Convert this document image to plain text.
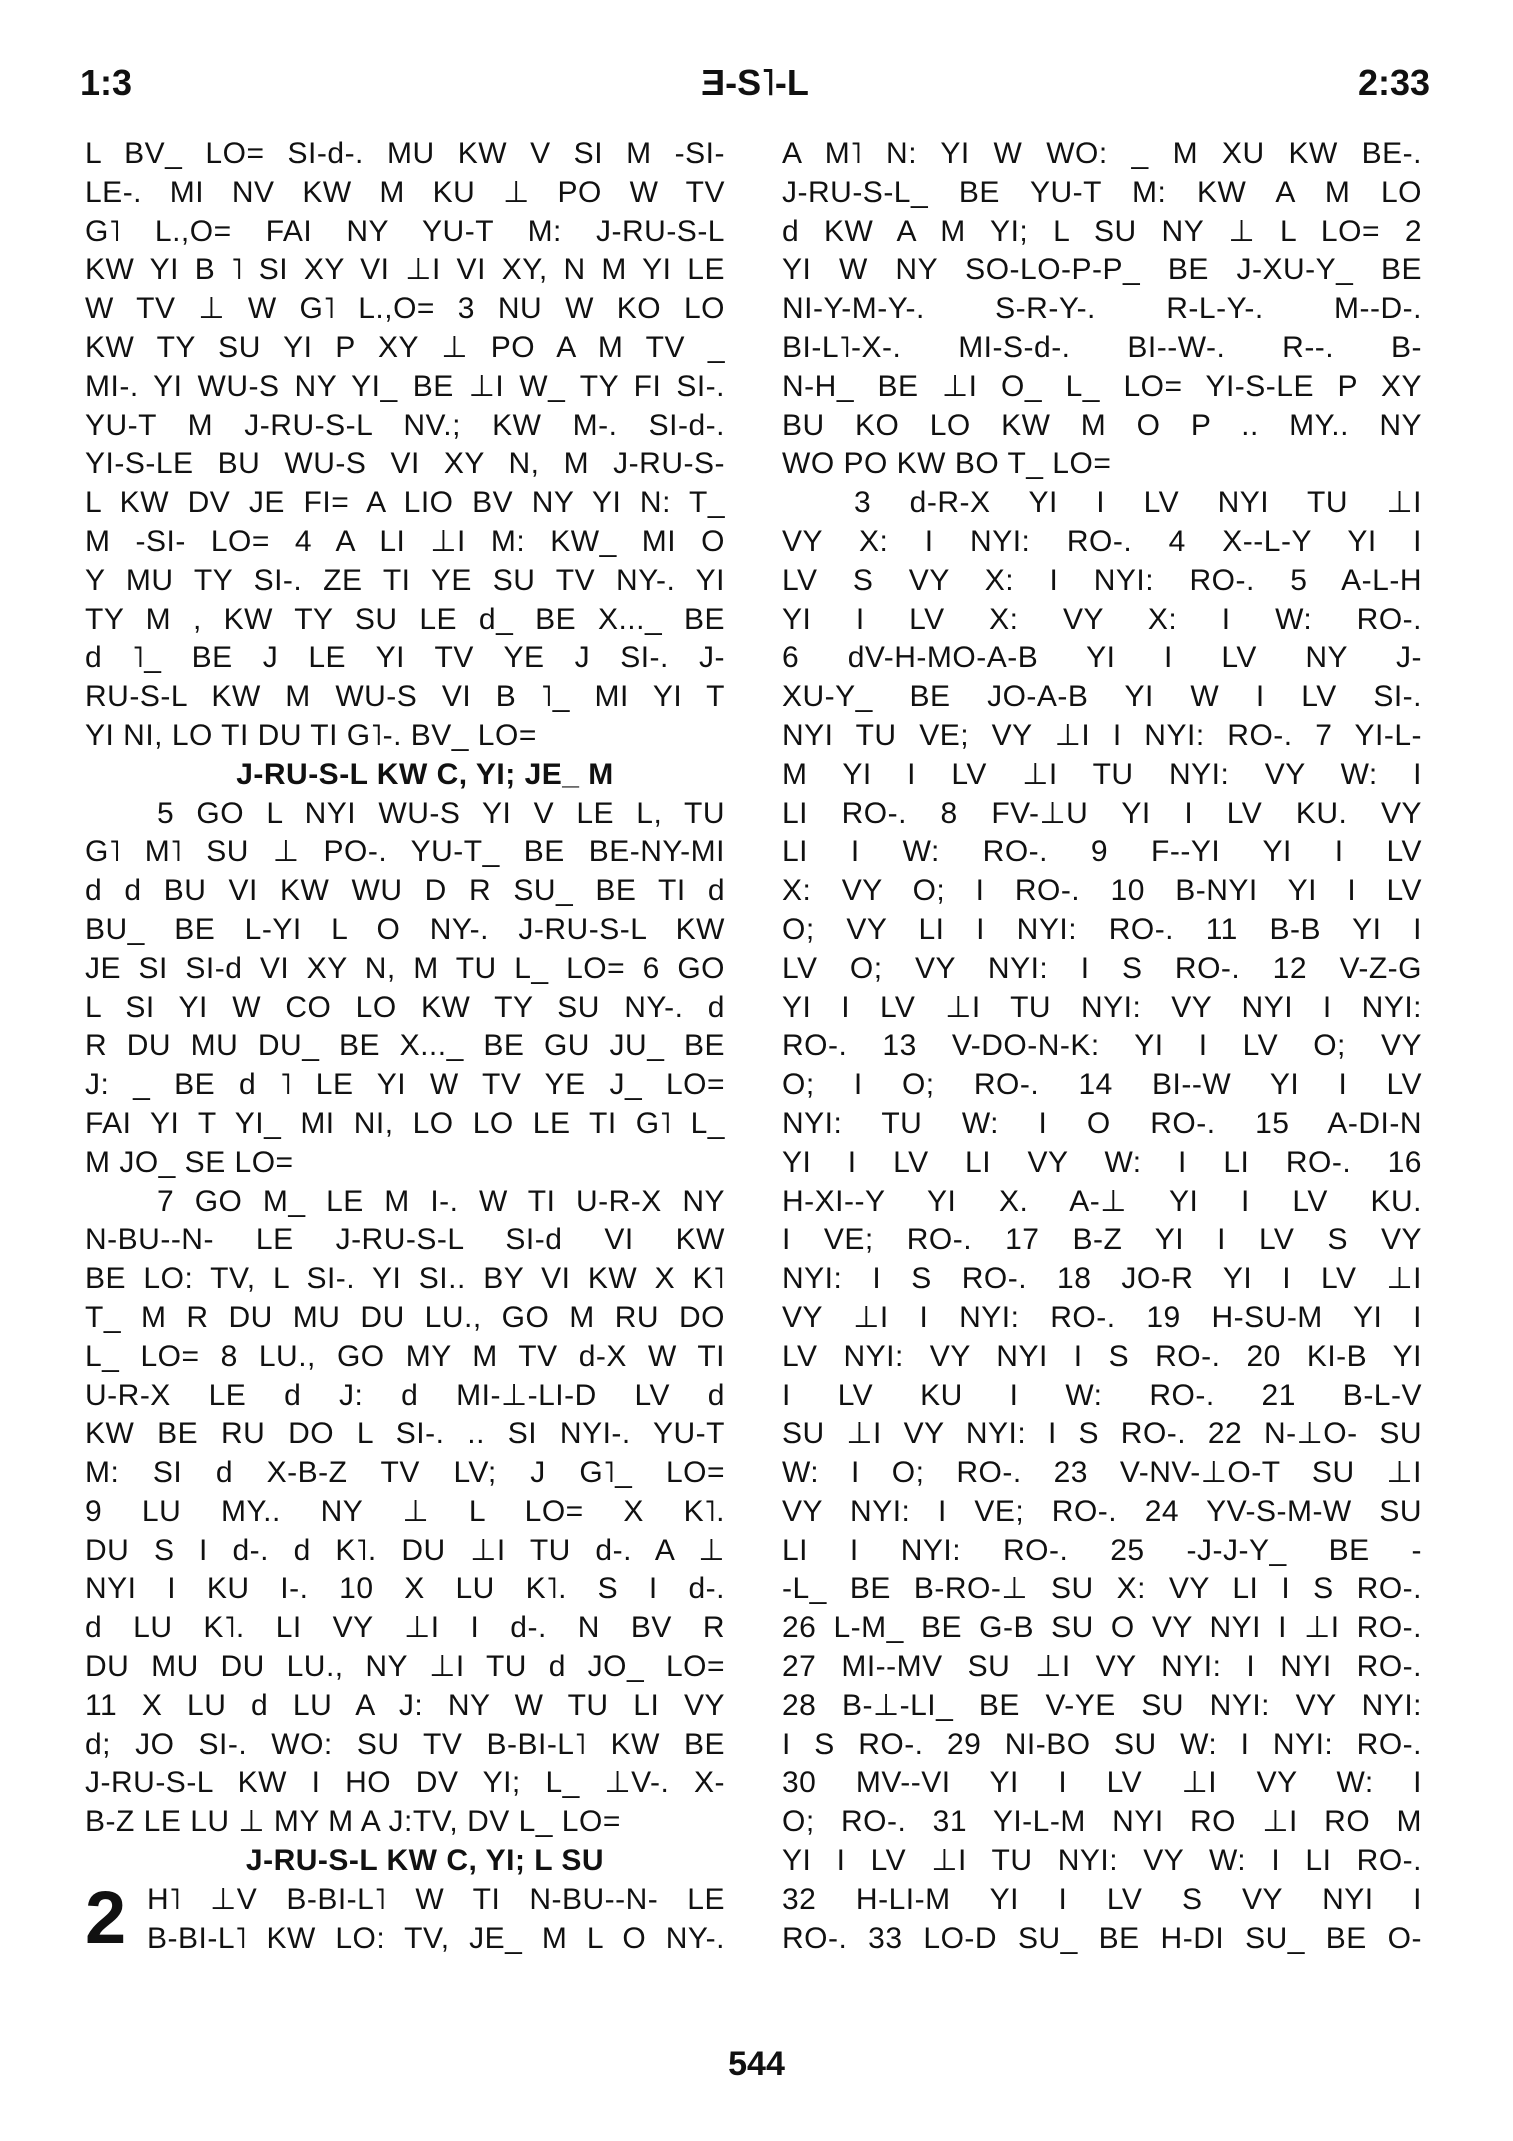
1:3	Ǝ-S˥-L	2:33
L BV_ LO= SI-d-. MU KW V SI M -SI-
LE-. MI NV KW M KU ⊥ PO W TV
G˥ L.,O= FAI NY YU-T M: J-RU-S-L
KW YI B ˥ SI XY VI ⊥I VI XY, N M YI LE
W TV ⊥ W G˥ L.,O= 3 NU W KO LO
KW TY SU YI P XY ⊥ PO A M TV _
MI-. YI WU-S NY YI_ BE ⊥I W_ TY FI SI-.
YU-T M J-RU-S-L NV.; KW M-. SI-d-.
YI-S-LE BU WU-S VI XY N, M J-RU-S-
L KW DV JE FI= A LIO BV NY YI N: T_
M -SI- LO= 4 A LI ⊥I M: KW_ MI O
Y MU TY SI-. ZE TI YE SU TV NY-. YI
TY M , KW TY SU LE d_ BE X..._ BE
d ˥_ BE J LE YI TV YE J SI-. J-
RU-S-L KW M WU-S VI B ˥_ MI YI T
YI NI, LO TI DU TI G˥-. BV_ LO=
J-RU-S-L KW C, YI; JE_ M
5 GO L NYI WU-S YI V LE L, TU
G˥ M˥ SU ⊥ PO-. YU-T_ BE BE-NY-MI
d d BU VI KW WU D R SU_ BE TI d
BU_ BE L-YI L O NY-. J-RU-S-L KW
JE SI SI-d VI XY N, M TU L_ LO= 6 GO
L SI YI W CO LO KW TY SU NY-. d
R DU MU DU_ BE X..._ BE GU JU_ BE
J: _ BE d ˥ LE YI W TV YE J_ LO=
FAI YI T YI_ MI NI, LO LO LE TI G˥ L_
M JO_ SE LO=
7 GO M_ LE M I-. W TI U-R-X NY
N-BU--N- LE J-RU-S-L SI-d VI KW
BE LO: TV, L SI-. YI SI.. BY VI KW X K˥
T_ M R DU MU DU LU., GO M RU DO
L_ LO= 8 LU., GO MY M TV d-X W TI
U-R-X LE d J: d MI-⊥-LI-D LV d
KW BE RU DO L SI-. .. SI NYI-. YU-T
M: SI d X-B-Z TV LV; J G˥_ LO=
9 LU MY.. NY ⊥ L LO= X K˥.
DU S I d-. d K˥. DU ⊥I TU d-. A ⊥
NYI I KU I-. 10 X LU K˥. S I d-.
d LU K˥. LI VY ⊥I I d-. N BV R
DU MU DU LU., NY ⊥I TU d JO_ LO=
11 X LU d LU A J: NY W TU LI VY
d; JO SI-. WO: SU TV B-BI-L˥ KW BE
J-RU-S-L KW I HO DV YI; L_ ⊥V-. X-
B-Z LE LU ⊥ MY M A J:TV, DV L_ LO=
J-RU-S-L KW C, YI; L SU
2 H˥ ⊥V B-BI-L˥ W TI N-BU--N- LE
B-BI-L˥ KW LO: TV, JE_ M L O NY-.
A M˥ N: YI W WO: _ M XU KW BE-.
J-RU-S-L_ BE YU-T M: KW A M LO
d KW A M YI; L SU NY ⊥ L LO= 2
YI W NY SO-LO-P-P_ BE J-XU-Y_ BE
NI-Y-M-Y-. S-R-Y-. R-L-Y-. M--D-.
BI-L˥-X-. MI-S-d-. BI--W-. R--. B-
N-H_ BE ⊥I O_ L_ LO= YI-S-LE P XY
BU KO LO KW M O P .. MY.. NY
WO PO KW BO T_ LO=
3 d-R-X YI I LV NYI TU ⊥I
VY X: I NYI: RO-. 4 X--L-Y YI I
LV S VY X: I NYI: RO-. 5 A-L-H
YI I LV X: VY X: I W: RO-.
6 dV-H-MO-A-B YI I LV NY J-
XU-Y_ BE JO-A-B YI W I LV SI-.
NYI TU VE; VY ⊥I I NYI: RO-. 7 YI-L-
M YI I LV ⊥I TU NYI: VY W: I
LI RO-. 8 FV-⊥U YI I LV KU. VY
LI I W: RO-. 9 F--YI YI I LV
X: VY O; I RO-. 10 B-NYI YI I LV
O; VY LI I NYI: RO-. 11 B-B YI I
LV O; VY NYI: I S RO-. 12 V-Z-G
YI I LV ⊥I TU NYI: VY NYI I NYI:
RO-. 13 V-DO-N-K: YI I LV O; VY
O; I O; RO-. 14 BI--W YI I LV
NYI: TU W: I O RO-. 15 A-DI-N
YI I LV LI VY W: I LI RO-. 16
H-XI--Y YI X. A-⊥ YI I LV KU.
I VE; RO-. 17 B-Z YI I LV S VY
NYI: I S RO-. 18 JO-R YI I LV ⊥I
VY ⊥I I NYI: RO-. 19 H-SU-M YI I
LV NYI: VY NYI I S RO-. 20 KI-B YI
I LV KU I W: RO-. 21 B-L-V
SU ⊥I VY NYI: I S RO-. 22 N-⊥O- SU
W: I O; RO-. 23 V-NV-⊥O-T SU ⊥I
VY NYI: I VE; RO-. 24 YV-S-M-W SU
LI I NYI: RO-. 25 -J-J-Y_ BE -
-L_ BE B-RO-⊥ SU X: VY LI I S RO-.
26 L-M_ BE G-B SU O VY NYI I ⊥I RO-.
27 MI--MV SU ⊥I VY NYI: I NYI RO-.
28 B-⊥-LI_ BE V-YE SU NYI: VY NYI:
I S RO-. 29 NI-BO SU W: I NYI: RO-.
30 MV--VI YI I LV ⊥I VY W: I
O; RO-. 31 YI-L-M NYI RO ⊥I RO M
YI I LV ⊥I TU NYI: VY W: I LI RO-.
32 H-LI-M YI I LV S VY NYI I
RO-. 33 LO-D SU_ BE H-DI SU_ BE O-
544
